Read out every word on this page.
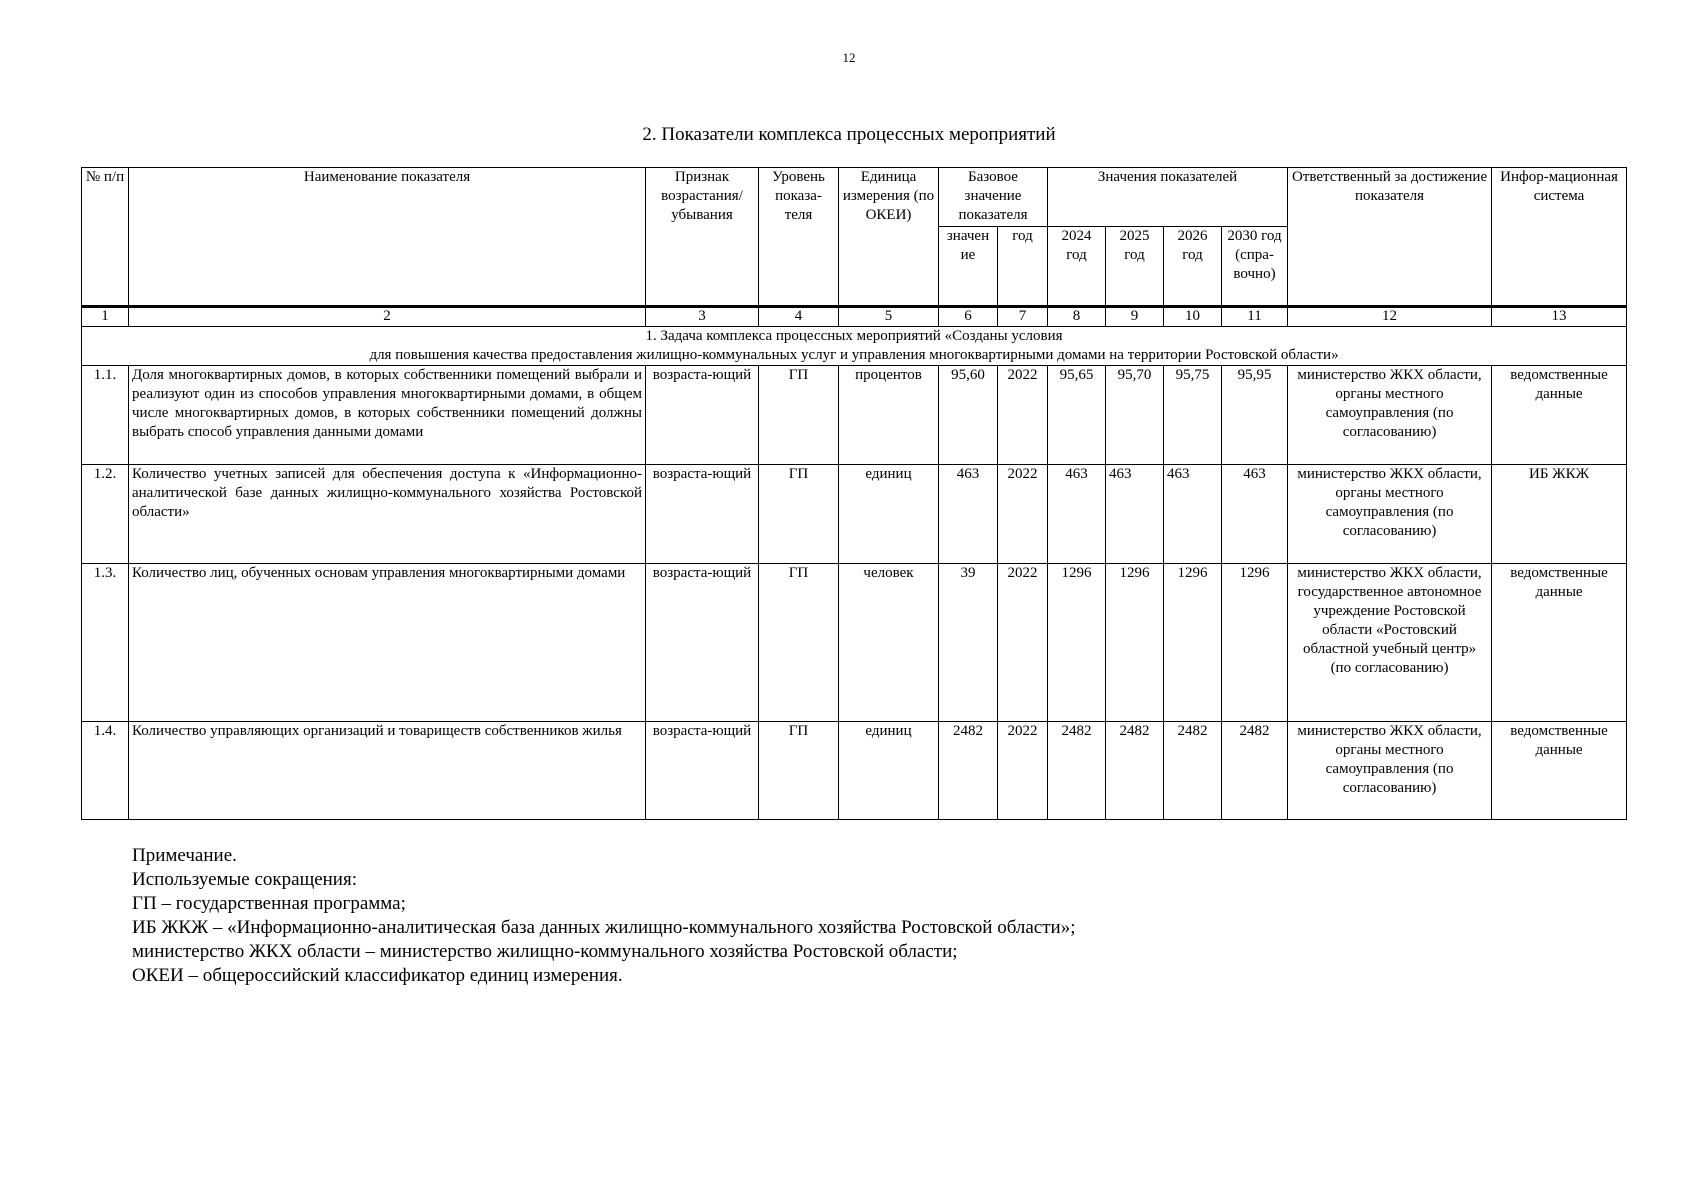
12
2. Показатели комплекса процессных мероприятий
№ п/п	Наименование показателя	Признак возрастания/ убывания	Уровень показа-теля	Единица измерения (по ОКЕИ)	Базовое значение показателя		Значения показателей				Ответственный за достижение показателя	Инфор-мационная система
					значен ие	год	2024 год	2025 год	2026 год	2030 год (спра-вочно)		
1	2	3	4	5	6	7	8	9	10	11	12	13

1. Задача комплекса процессных мероприятий «Созданы условия
для повышения качества предоставления жилищно-коммунальных услуг и управления многоквартирными домами на территории Ростовской области»												

1.1.	Доля многоквартирных домов, в которых собственники помещений выбрали и реализуют один из способов управления многоквартирными домами, в общем числе многоквартирных домов, в которых собственники помещений должны выбрать способ управления данными домами	возраста-ющий	ГП	процентов	95,60	2022	95,65	95,70	95,75	95,95	министерство ЖКХ области, органы местного самоуправления (по согласованию)	ведомственные данные
1.2.	Количество учетных записей для обеспечения доступа к «Информационно-аналитической базе данных жилищно-коммунального хозяйства Ростовской области»	возраста-ющий	ГП	единиц	463	2022	463	463	463	463	министерство ЖКХ области, органы местного самоуправления (по согласованию)	ИБ ЖКЖ
1.3.	Количество лиц, обученных основам управления многоквартирными домами	возраста-ющий	ГП	человек	39	2022	1296	1296	1296	1296	министерство ЖКХ области, государственное автономное учреждение Ростовской области «Ростовский областной учебный центр» (по согласованию)	ведомственные данные
1.4.	Количество управляющих организаций и товариществ собственников жилья	возраста-ющий	ГП	единиц	2482	2022	2482	2482	2482	2482	министерство ЖКХ области, органы местного самоуправления (по согласованию)	ведомственные данные
Примечание.
Используемые сокращения:
ГП – государственная программа;
ИБ ЖКЖ – «Информационно-аналитическая база данных жилищно-коммунального хозяйства Ростовской области»;
министерство ЖКХ области – министерство жилищно-коммунального хозяйства Ростовской области;
ОКЕИ – общероссийский классификатор единиц измерения.
